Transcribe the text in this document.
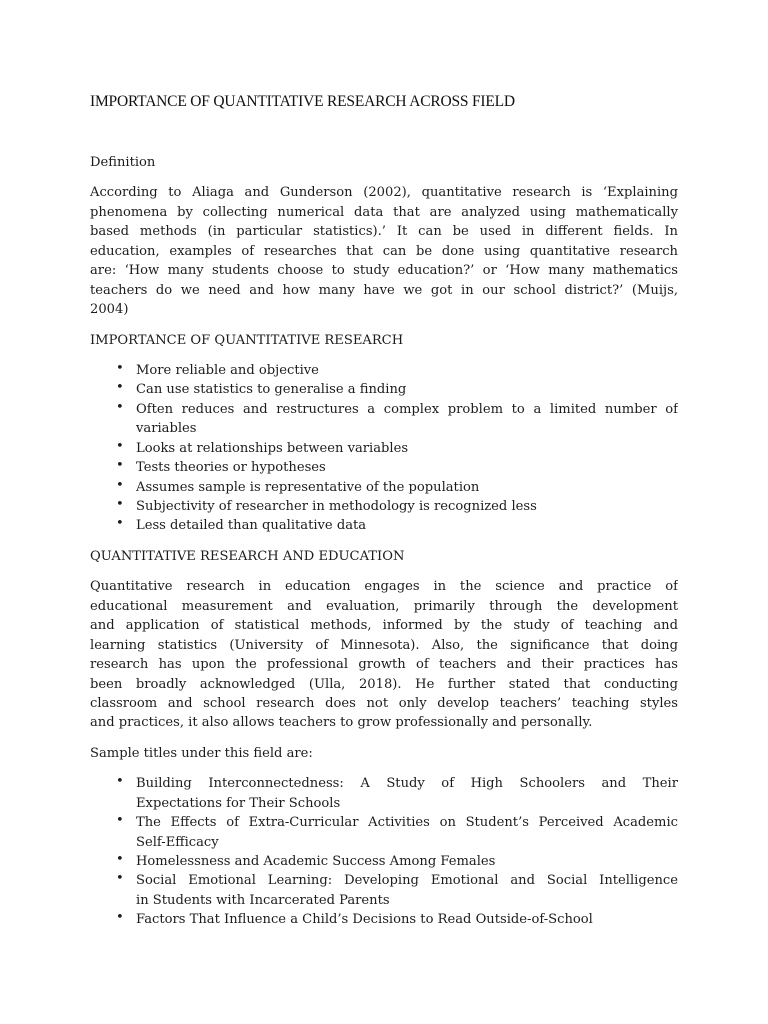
IMPORTANCE OF QUANTITATIVE RESEARCH ACROSS FIELD
Definition
According to Aliaga and Gunderson (2002), quantitative research is ‘Explaining
phenomena by collecting numerical data that are analyzed using mathematically
based methods (in particular statistics).’ It can be used in different fields. In
education, examples of researches that can be done using quantitative research
are: ‘How many students choose to study education?’ or ‘How many mathematics
teachers do we need and how many have we got in our school district?’ (Muijs,
2004)
IMPORTANCE OF QUANTITATIVE RESEARCH
• More reliable and objective
• Can use statistics to generalise a finding
• Often reduces and restructures a complex problem to a limited number of
variables
• Looks at relationships between variables
• Tests theories or hypotheses
• Assumes sample is representative of the population
• Subjectivity of researcher in methodology is recognized less
• Less detailed than qualitative data
QUANTITATIVE RESEARCH AND EDUCATION
Quantitative research in education engages in the science and practice of
educational measurement and evaluation, primarily through the development
and application of statistical methods, informed by the study of teaching and
learning statistics (University of Minnesota). Also, the significance that doing
research has upon the professional growth of teachers and their practices has
been broadly acknowledged (Ulla, 2018). He further stated that conducting
classroom and school research does not only develop teachers’ teaching styles
and practices, it also allows teachers to grow professionally and personally.
Sample titles under this field are:
• Building Interconnectedness: A Study of High Schoolers and Their
Expectations for Their Schools
• The Effects of Extra-Curricular Activities on Student’s Perceived Academic
Self-Efficacy
• Homelessness and Academic Success Among Females
• Social Emotional Learning: Developing Emotional and Social Intelligence
in Students with Incarcerated Parents
• Factors That Influence a Child’s Decisions to Read Outside-of-School
